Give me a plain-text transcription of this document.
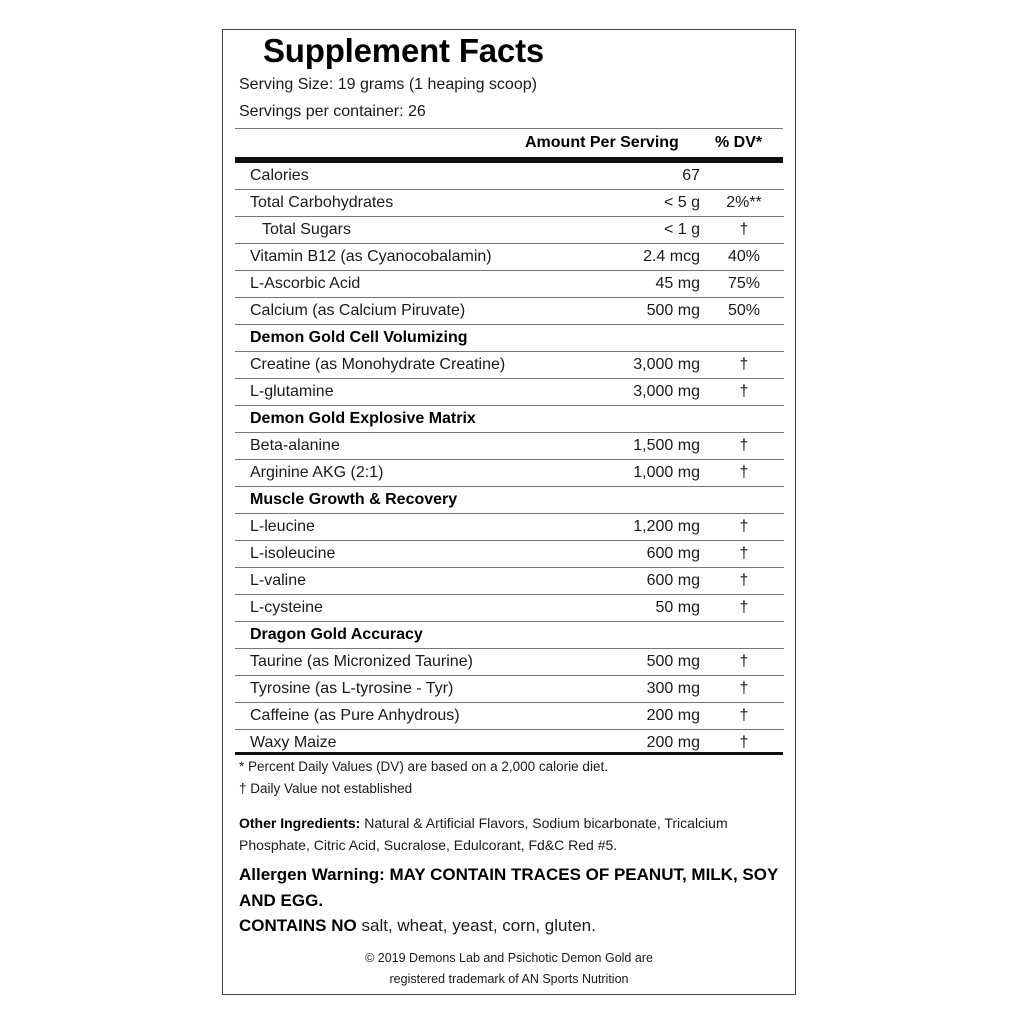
Supplement Facts
Serving Size: 19 grams (1 heaping scoop)
Servings per container: 26
Amount Per Serving % DV*
Calories	67
Total Carbohydrates	< 5 g	2%**
Total Sugars	< 1 g	†
Vitamin B12 (as Cyanocobalamin)	2.4 mcg	40%
L-Ascorbic Acid	45 mg	75%
Calcium (as Calcium Piruvate)	500 mg	50%
Demon Gold Cell Volumizing
Creatine (as Monohydrate Creatine)	3,000 mg	†
L-glutamine	3,000 mg	†
Demon Gold Explosive Matrix
Beta-alanine	1,500 mg	†
Arginine AKG (2:1)	1,000 mg	†
Muscle Growth & Recovery
L-leucine	1,200 mg	†
L-isoleucine	600 mg	†
L-valine	600 mg	†
L-cysteine	50 mg	†
Dragon Gold Accuracy
Taurine (as Micronized Taurine)	500 mg	†
Tyrosine (as L-tyrosine - Tyr)	300 mg	†
Caffeine (as Pure Anhydrous)	200 mg	†
Waxy Maize	200 mg	†
* Percent Daily Values (DV) are based on a 2,000 calorie diet.
† Daily Value not established
Other Ingredients: Natural & Artificial Flavors, Sodium bicarbonate, Tricalcium Phosphate, Citric Acid, Sucralose, Edulcorant, Fd&C Red #5.
Allergen Warning: MAY CONTAIN TRACES OF PEANUT, MILK, SOY AND EGG.
CONTAINS NO salt, wheat, yeast, corn, gluten.
© 2019 Demons Lab and Psichotic Demon Gold are
registered trademark of AN Sports Nutrition
